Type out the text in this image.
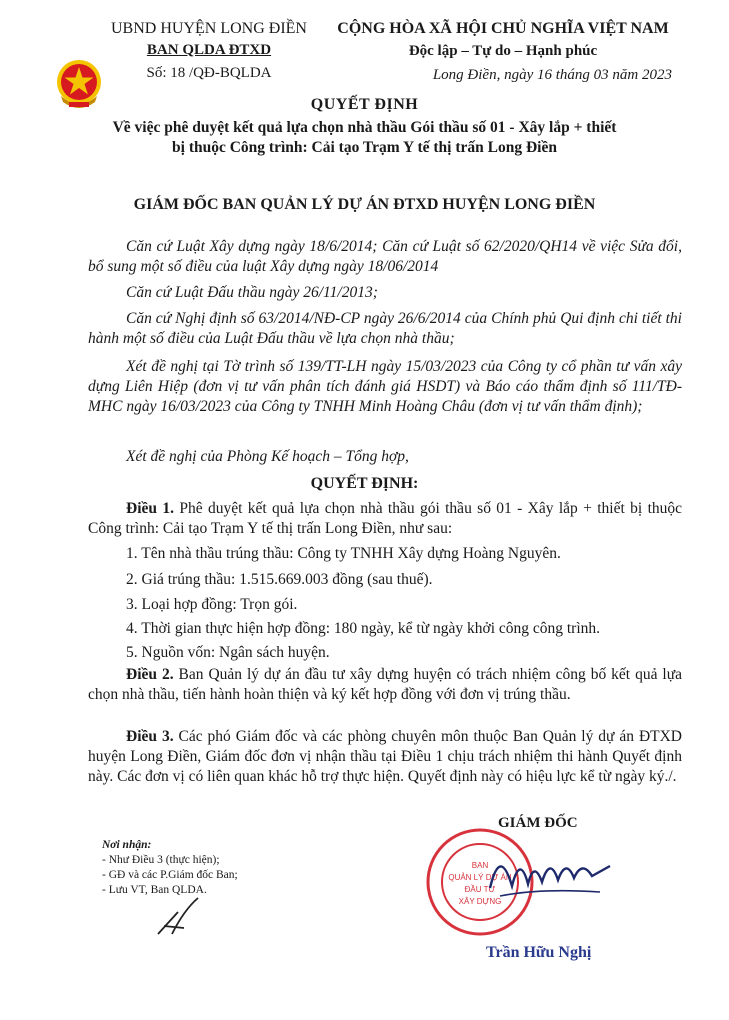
UBND HUYỆN LONG ĐIỀN
BAN QLDA ĐTXD
Số: 18 /QĐ-BQLDA
CỘNG HÒA XÃ HỘI CHỦ NGHĨA VIỆT NAM
Độc lập – Tự do – Hạnh phúc
Long Điền, ngày 16 tháng 03 năm 2023
QUYẾT ĐỊNH
Về việc phê duyệt kết quả lựa chọn nhà thầu Gói thầu số 01 - Xây lắp + thiết
bị thuộc Công trình: Cải tạo Trạm Y tế thị trấn Long Điền
GIÁM ĐỐC BAN QUẢN LÝ DỰ ÁN ĐTXD HUYỆN LONG ĐIỀN
Căn cứ Luật Xây dựng ngày 18/6/2014; Căn cứ Luật số 62/2020/QH14 về việc Sửa đổi, bổ sung một số điều của luật Xây dựng ngày 18/06/2014
Căn cứ Luật Đấu thầu ngày 26/11/2013;
Căn cứ Nghị định số 63/2014/NĐ-CP ngày 26/6/2014 của Chính phủ Qui định chi tiết thi hành một số điều của Luật Đấu thầu về lựa chọn nhà thầu;
Xét đề nghị tại Tờ trình số 139/TT-LH ngày 15/03/2023 của Công ty cổ phần tư vấn xây dựng Liên Hiệp (đơn vị tư vấn phân tích đánh giá HSDT) và Báo cáo thẩm định số 111/TĐ-MHC ngày 16/03/2023 của Công ty TNHH Minh Hoàng Châu (đơn vị tư vấn thẩm định);
Xét đề nghị của Phòng Kế hoạch – Tổng hợp,
QUYẾT ĐỊNH:
Điều 1. Phê duyệt kết quả lựa chọn nhà thầu gói thầu số 01 - Xây lắp + thiết bị thuộc Công trình: Cải tạo Trạm Y tế thị trấn Long Điền, như sau:
1. Tên nhà thầu trúng thầu: Công ty TNHH Xây dựng Hoàng Nguyên.
2. Giá trúng thầu: 1.515.669.003 đồng (sau thuế).
3. Loại hợp đồng: Trọn gói.
4. Thời gian thực hiện hợp đồng: 180 ngày, kể từ ngày khởi công công trình.
5. Nguồn vốn: Ngân sách huyện.
Điều 2. Ban Quản lý dự án đầu tư xây dựng huyện có trách nhiệm công bố kết quả lựa chọn nhà thầu, tiến hành hoàn thiện và ký kết hợp đồng với đơn vị trúng thầu.
Điều 3. Các phó Giám đốc và các phòng chuyên môn thuộc Ban Quản lý dự án ĐTXD huyện Long Điền, Giám đốc đơn vị nhận thầu tại Điều 1 chịu trách nhiệm thi hành Quyết định này. Các đơn vị có liên quan khác hỗ trợ thực hiện. Quyết định này có hiệu lực kể từ ngày ký./.
Nơi nhận:
- Như Điều 3 (thực hiện);
- GĐ và các P.Giám đốc Ban;
- Lưu VT, Ban QLDA.
GIÁM ĐỐC
BAN
QUẢN LÝ DỰ ÁN
ĐẦU TƯ
XÂY DỰNG
Trần Hữu Nghị
